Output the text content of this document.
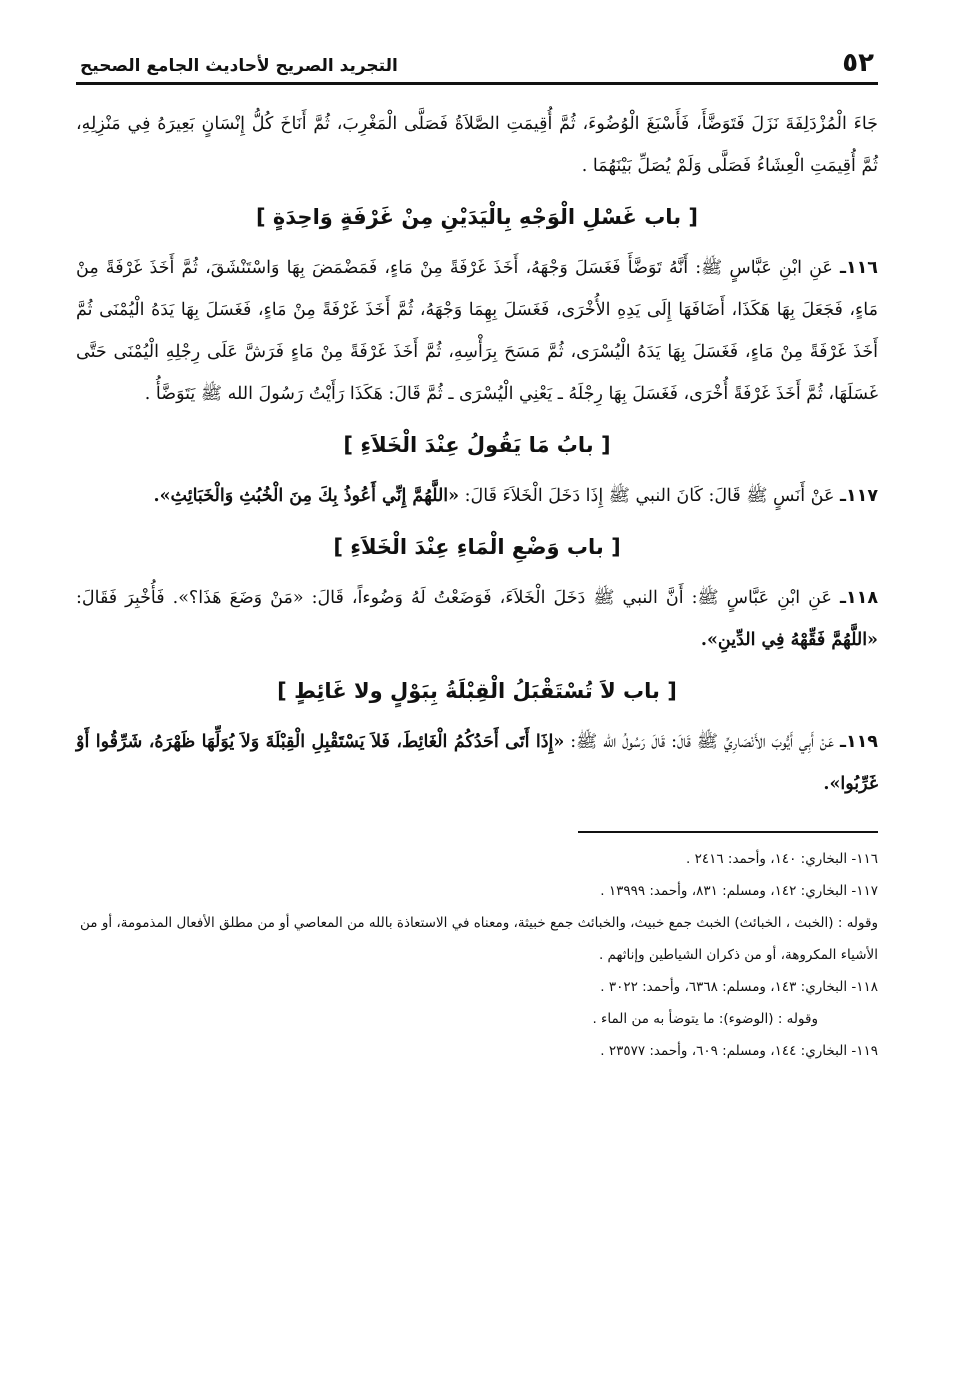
٥٢
التجريد الصريح لأحاديث الجامع الصحيح

جَاءَ الْمُزْدَلِفَةَ نَزَلَ فَتَوَضَّأَ، فَأَسْبَغَ الْوُضُوءَ، ثُمَّ أُقِيمَتِ الصَّلاَةُ فَصَلَّى الْمَغْرِبَ، ثُمَّ أَنَاخَ كُلُّ إِنْسَانٍ بَعِيرَهُ فِي مَنْزِلِهِ، ثُمَّ أُقِيمَتِ الْعِشَاءُ فَصَلَّى وَلَمْ يُصَلِّ بَيْنَهُمَا .

[ باب غَسْلِ الْوَجْهِ بِالْيَدَيْنِ مِنْ غَرْفَةٍ وَاحِدَةٍ ]

١١٦ـ عَنِ ابْنِ عَبَّاسٍ ﷺ: أَنَّهُ تَوَضَّأَ فَغَسَلَ وَجْهَهُ، أَخَذَ غَرْفَةً مِنْ مَاءٍ، فَمَضْمَضَ بِهَا وَاسْتَنْشَقَ، ثُمَّ أَخَذَ غَرْفَةً مِنْ مَاءٍ، فَجَعَلَ بِهَا هَكَذَا، أَضَافَهَا إِلَى يَدِهِ الأُخْرَى، فَغَسَلَ بِهِمَا وَجْهَهُ، ثُمَّ أَخَذَ غَرْفَةً مِنْ مَاءٍ، فَغَسَلَ بِهَا يَدَهُ الْيُمْنَى ثُمَّ أَخَذَ غَرْفَةً مِنْ مَاءٍ، فَغَسَلَ بِهَا يَدَهُ الْيُسْرَى، ثُمَّ مَسَحَ بِرَأْسِهِ، ثُمَّ أَخَذَ غَرْفَةً مِنْ مَاءٍ فَرَشَّ عَلَى رِجْلِهِ الْيُمْنَى حَتَّى غَسَلَهَا، ثُمَّ أَخَذَ غَرْفَةً أُخْرَى، فَغَسَلَ بِهَا رِجْلَهُ ـ يَعْنِي الْيُسْرَى ـ ثُمَّ قَالَ: هَكَذَا رَأَيْتُ رَسُولَ الله ﷺ يَتَوَضَّأُ .

[ بابُ مَا يَقُولُ عِنْدَ الْخَلاَءِ ]

١١٧ـ عَنْ أَنَسٍ ﷺ قَالَ: كَانَ النبي ﷺ إِذَا دَخَلَ الْخَلاَءَ قَالَ: «اللَّهُمَّ إِنِّي أَعُوذُ بِكَ مِنَ الْخُبُثِ وَالْخَبَائِثِ».

[ باب وَضْعِ الْمَاءِ عِنْدَ الْخَلاَءِ ]

١١٨ـ عَنِ ابْنِ عَبَّاسٍ ﷺ: أَنَّ النبي ﷺ دَخَلَ الْخَلاَءَ، فَوَضَعْتُ لَهُ وَضُوءاً، قَالَ: «مَنْ وَضَعَ هَذَا؟». فَأُخْبِرَ فَقَالَ: «اللَّهُمَّ فَقِّهْهُ فِي الدِّينِ».

[ باب لاَ تُسْتَقْبَلُ الْقِبْلَةُ بِبَوْلٍ ولا غَائِطٍ ]

١١٩ـ عَنْ أَبِي أَيُّوبَ الأَنْصَارِيِّ ﷺ قَالَ: قَالَ رَسُولُ الله ﷺ: «إِذَا أَتَى أَحَدُكُمُ الْغَائِطَ، فَلاَ يَسْتَقْبِلِ الْقِبْلَةَ وَلاَ يُوَلِّهَا ظَهْرَهُ، شَرِّقُوا أَوْ غَرِّبُوا».

١١٦- البخاري: ١٤٠، وأحمد: ٢٤١٦ .

١١٧- البخاري: ١٤٢، ومسلم: ٨٣١، وأحمد: ١٣٩٩٩ .

وقوله : (الخبث ، الخبائث) الخبث جمع خبيث، والخبائث جمع خبيثة، ومعناه في الاستعاذة بالله من المعاصي أو من مطلق الأفعال المذمومة، أو من الأشياء المكروهة، أو من ذكران الشياطين وإناثهم .

١١٨- البخاري: ١٤٣، ومسلم: ٦٣٦٨، وأحمد: ٣٠٢٢ .

وقوله : (الوضوء): ما يتوضأ به من الماء .

١١٩- البخاري: ١٤٤، ومسلم: ٦٠٩، وأحمد: ٢٣٥٧٧ .
